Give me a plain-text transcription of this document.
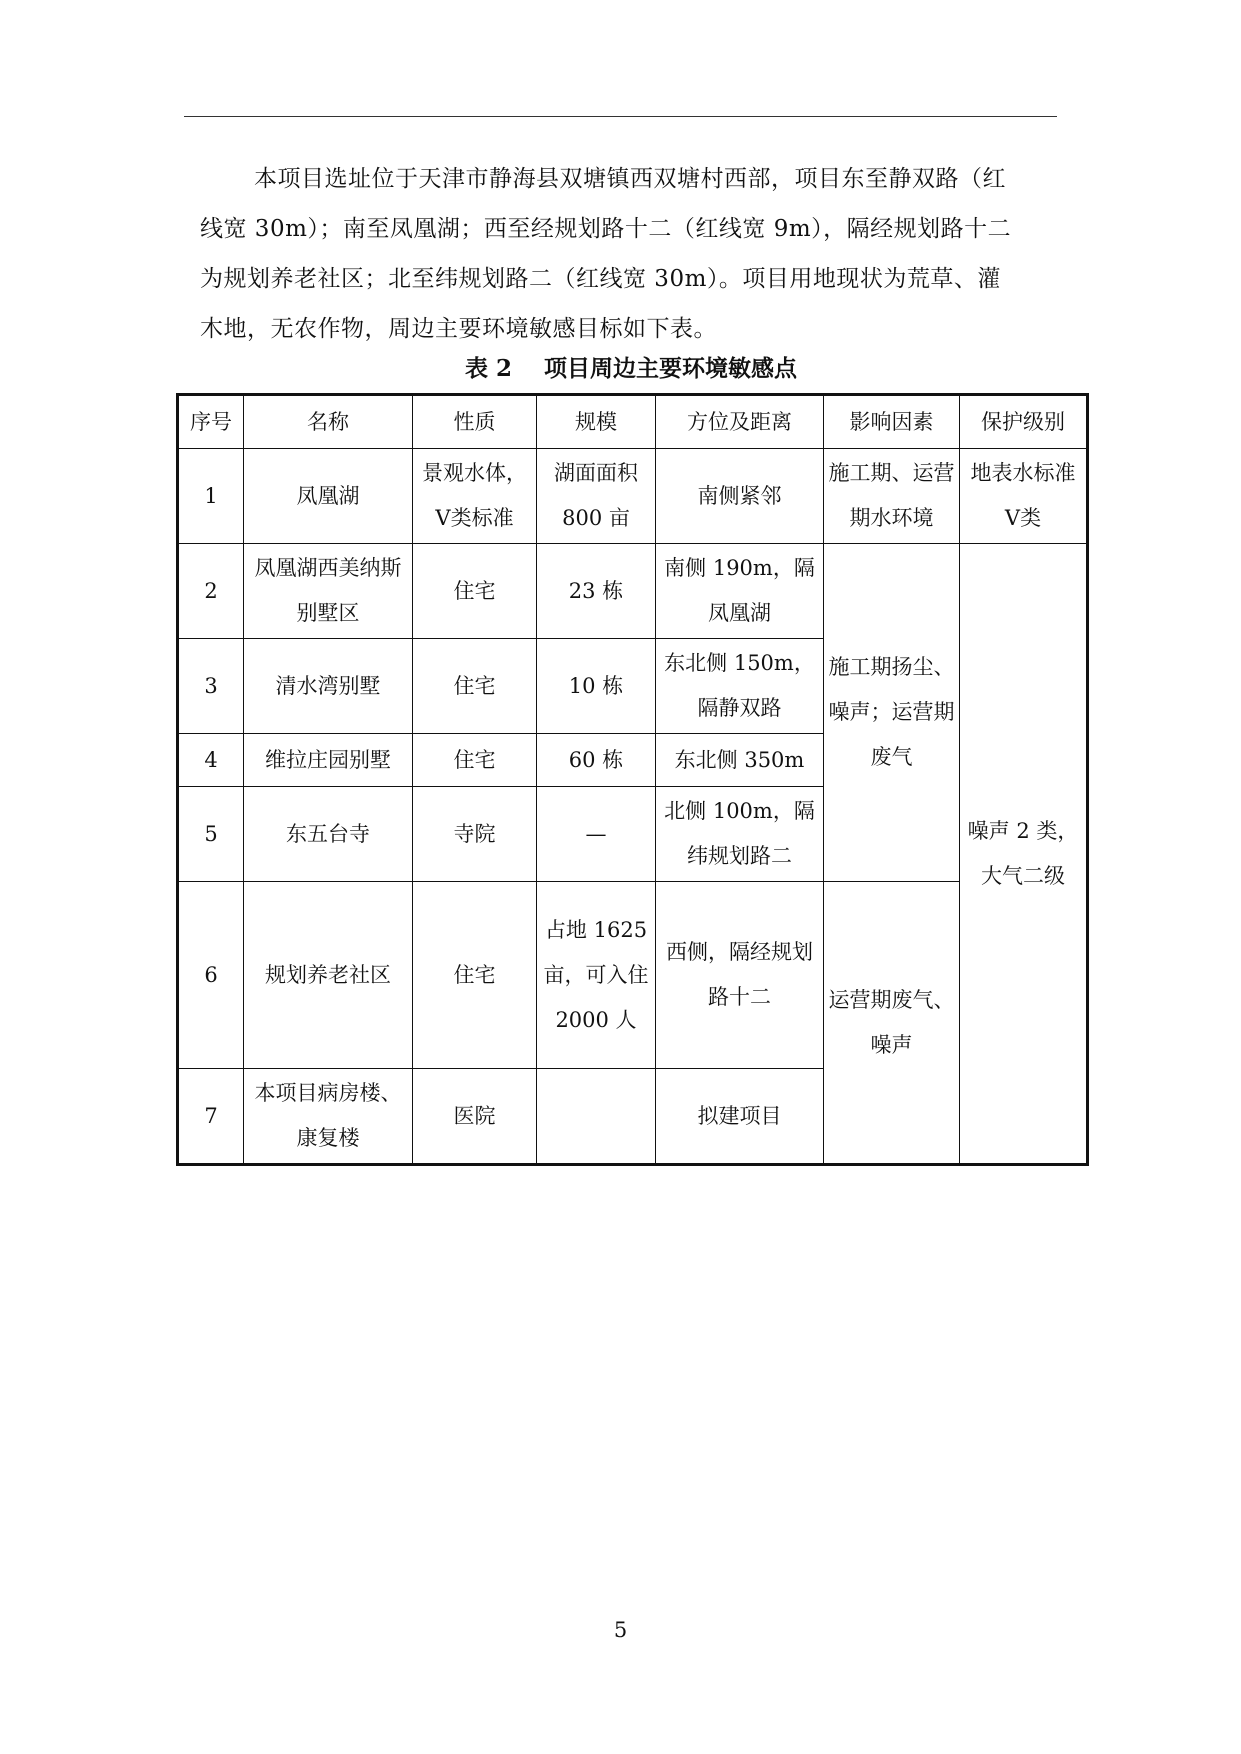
本项目选址位于天津市静海县双塘镇西双塘村西部，项目东至静双路（红

线宽 30m）；南至凤凰湖；西至经规划路十二（红线宽 9m），隔经规划路十二

为规划养老社区；北至纬规划路二（红线宽 30m）。项目用地现状为荒草、灌

木地，无农作物，周边主要环境敏感目标如下表。

表 2    项目周边主要环境敏感点
序号	名称	性质	规模	方位及距离	影响因素	保护级别
1	凤凰湖	景观水体，Ⅴ类标准	湖面面积 800 亩	南侧紧邻	施工期、运营期水环境	地表水标准Ⅴ类
2	凤凰湖西美纳斯别墅区	住宅	23 栋	南侧 190m，隔凤凰湖	施工期扬尘、噪声；运营期废气	噪声 2 类，大气二级
3	清水湾别墅	住宅	10 栋	东北侧 150m，隔静双路		
4	维拉庄园别墅	住宅	60 栋	东北侧 350m		
5	东五台寺	寺院	—	北侧 100m，隔纬规划路二		
6	规划养老社区	住宅	占地 1625 亩，可入住 2000 人	西侧，隔经规划路十二	运营期废气、噪声	
7	本项目病房楼、康复楼	医院		拟建项目		
5
